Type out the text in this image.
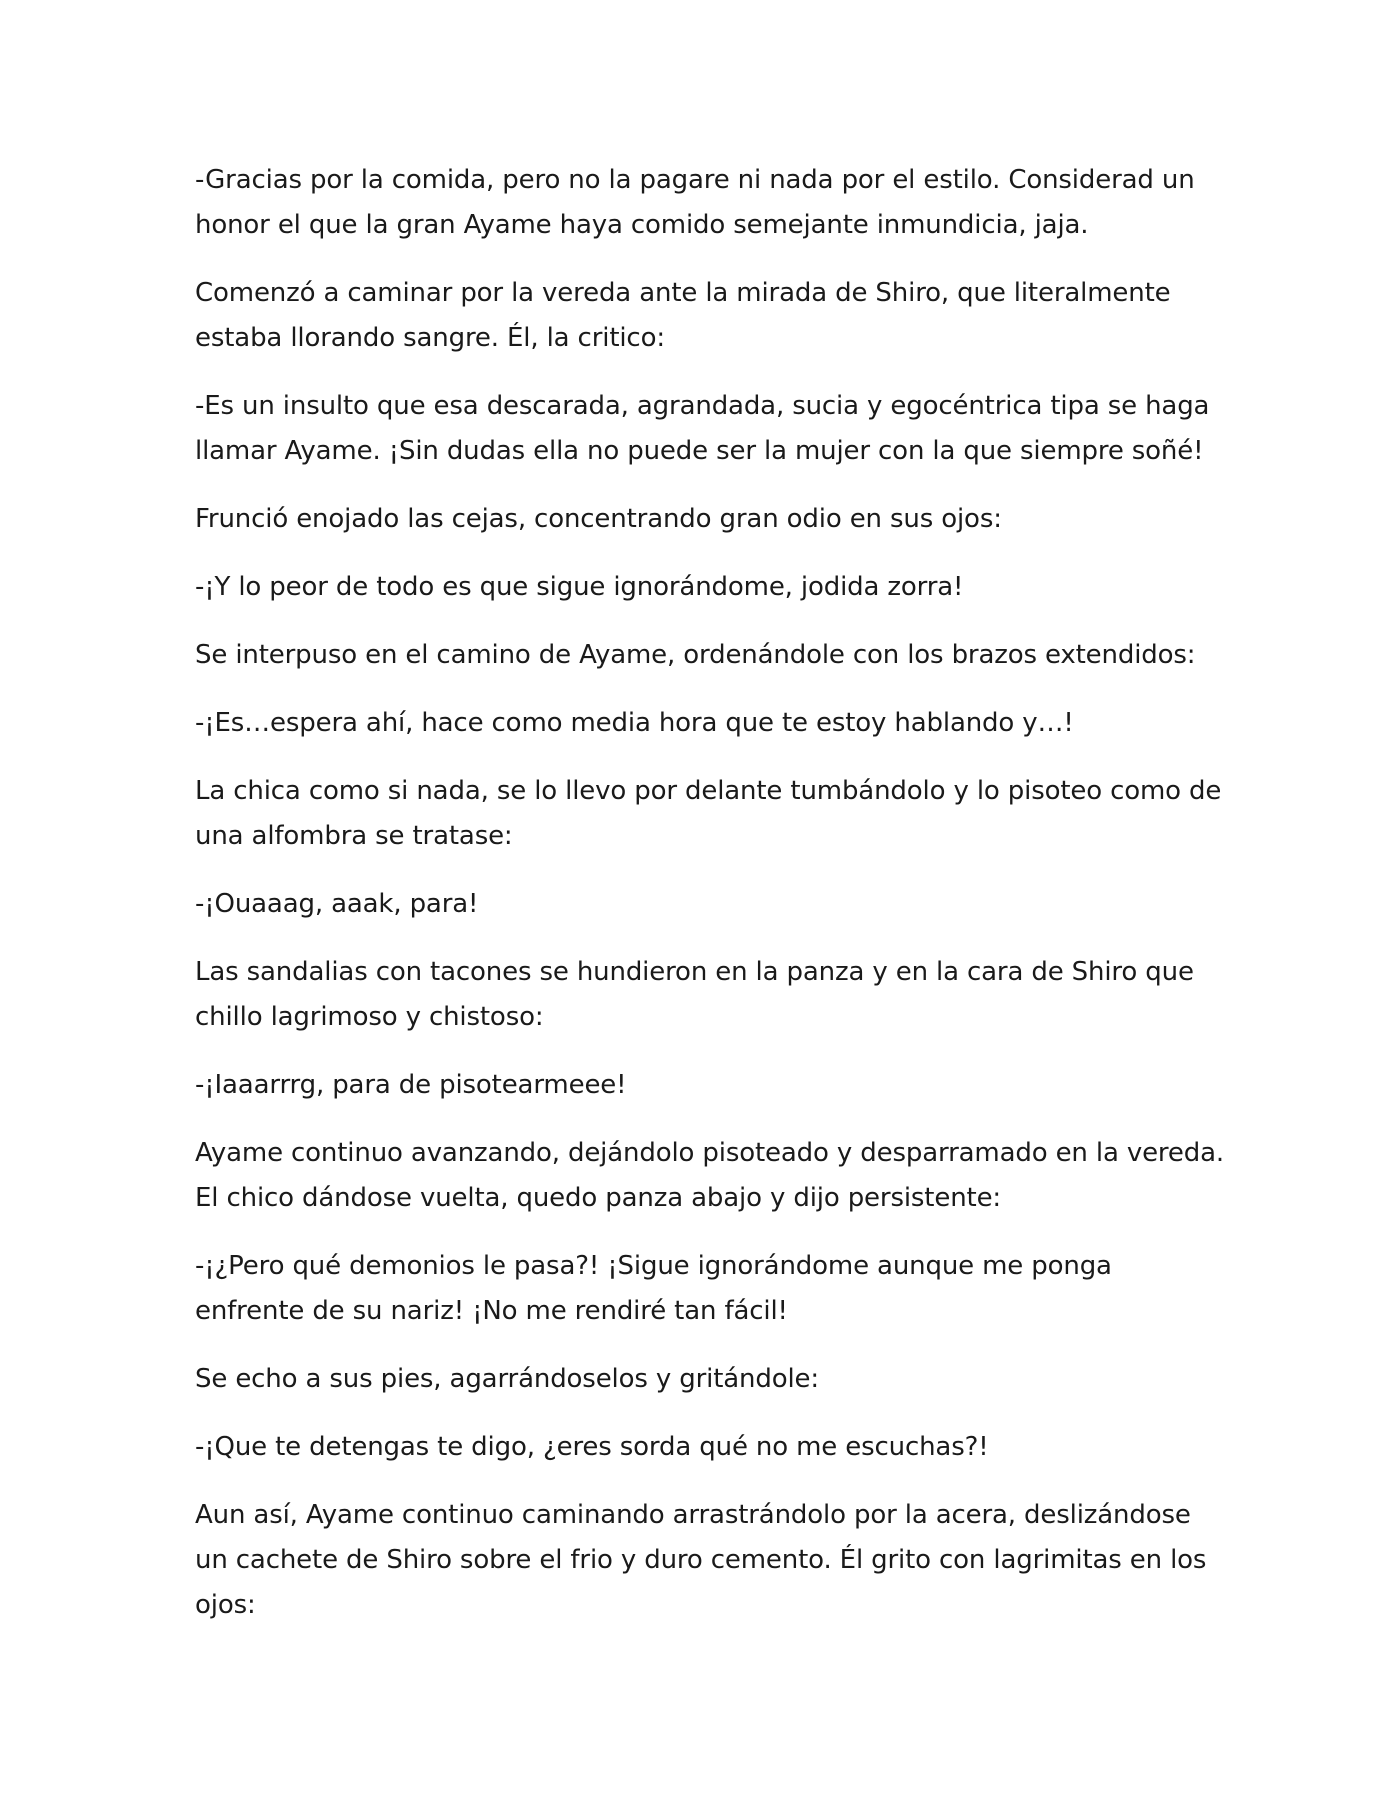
-Gracias por la comida, pero no la pagare ni nada por el estilo. Considerad un honor el que la gran Ayame haya comido semejante inmundicia, jaja.

Comenzó a caminar por la vereda ante la mirada de Shiro, que literalmente estaba llorando sangre. Él, la critico:

-Es un insulto que esa descarada, agrandada, sucia y egocéntrica tipa se haga llamar Ayame. ¡Sin dudas ella no puede ser la mujer con la que siempre soñé!

Frunció enojado las cejas, concentrando gran odio en sus ojos:

-¡Y lo peor de todo es que sigue ignorándome, jodida zorra!

Se interpuso en el camino de Ayame, ordenándole con los brazos extendidos:

-¡Es…espera ahí, hace como media hora que te estoy hablando y…!

La chica como si nada, se lo llevo por delante tumbándolo y lo pisoteo como de una alfombra se tratase:

-¡Ouaaag, aaak, para!

Las sandalias con tacones se hundieron en la panza y en la cara de Shiro que chillo lagrimoso y chistoso:

-¡Iaaarrrg, para de pisotearmeee!

Ayame continuo avanzando, dejándolo pisoteado y desparramado en la vereda. El chico dándose vuelta, quedo panza abajo y dijo persistente:

-¡¿Pero qué demonios le pasa?! ¡Sigue ignorándome aunque me ponga enfrente de su nariz! ¡No me rendiré tan fácil!

Se echo a sus pies, agarrándoselos y gritándole:

-¡Que te detengas te digo, ¿eres sorda qué no me escuchas?!

Aun así, Ayame continuo caminando arrastrándolo por la acera, deslizándose un cachete de Shiro sobre el frio y duro cemento. Él grito con lagrimitas en los ojos:
